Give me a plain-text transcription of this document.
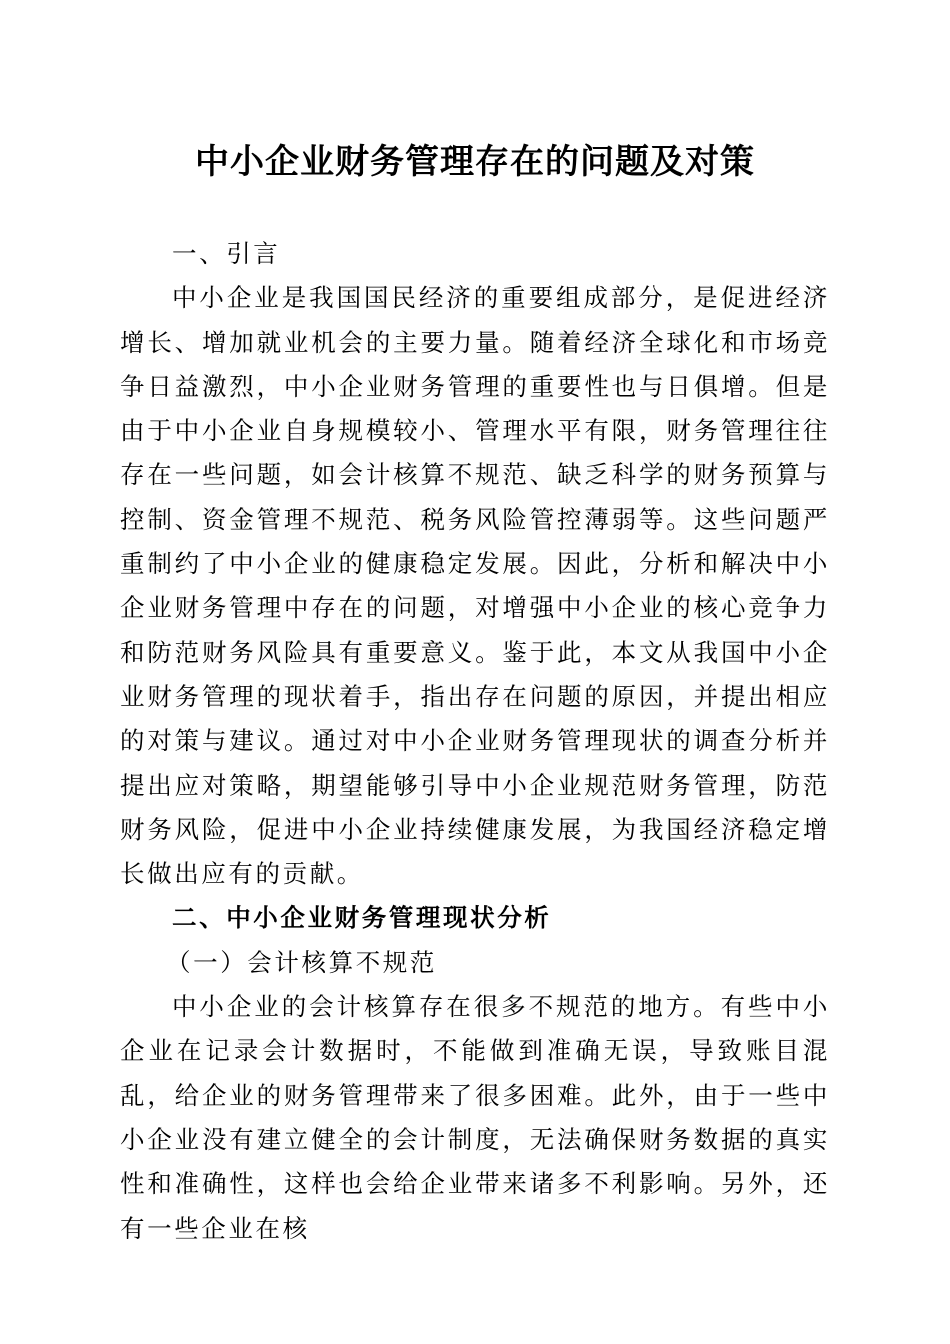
中小企业财务管理存在的问题及对策

一、引言

中小企业是我国国民经济的重要组成部分，是促进经济增长、增加就业机会的主要力量。随着经济全球化和市场竞争日益激烈，中小企业财务管理的重要性也与日俱增。但是由于中小企业自身规模较小、管理水平有限，财务管理往往存在一些问题，如会计核算不规范、缺乏科学的财务预算与控制、资金管理不规范、税务风险管控薄弱等。这些问题严重制约了中小企业的健康稳定发展。因此，分析和解决中小企业财务管理中存在的问题，对增强中小企业的核心竞争力和防范财务风险具有重要意义。鉴于此，本文从我国中小企业财务管理的现状着手，指出存在问题的原因，并提出相应的对策与建议。通过对中小企业财务管理现状的调查分析并提出应对策略，期望能够引导中小企业规范财务管理，防范财务风险，促进中小企业持续健康发展，为我国经济稳定增长做出应有的贡献。

二、中小企业财务管理现状分析

（一）会计核算不规范

中小企业的会计核算存在很多不规范的地方。有些中小企业在记录会计数据时，不能做到准确无误，导致账目混乱，给企业的财务管理带来了很多困难。此外，由于一些中小企业没有建立健全的会计制度，无法确保财务数据的真实性和准确性，这样也会给企业带来诸多不利影响。另外，还有一些企业在核
